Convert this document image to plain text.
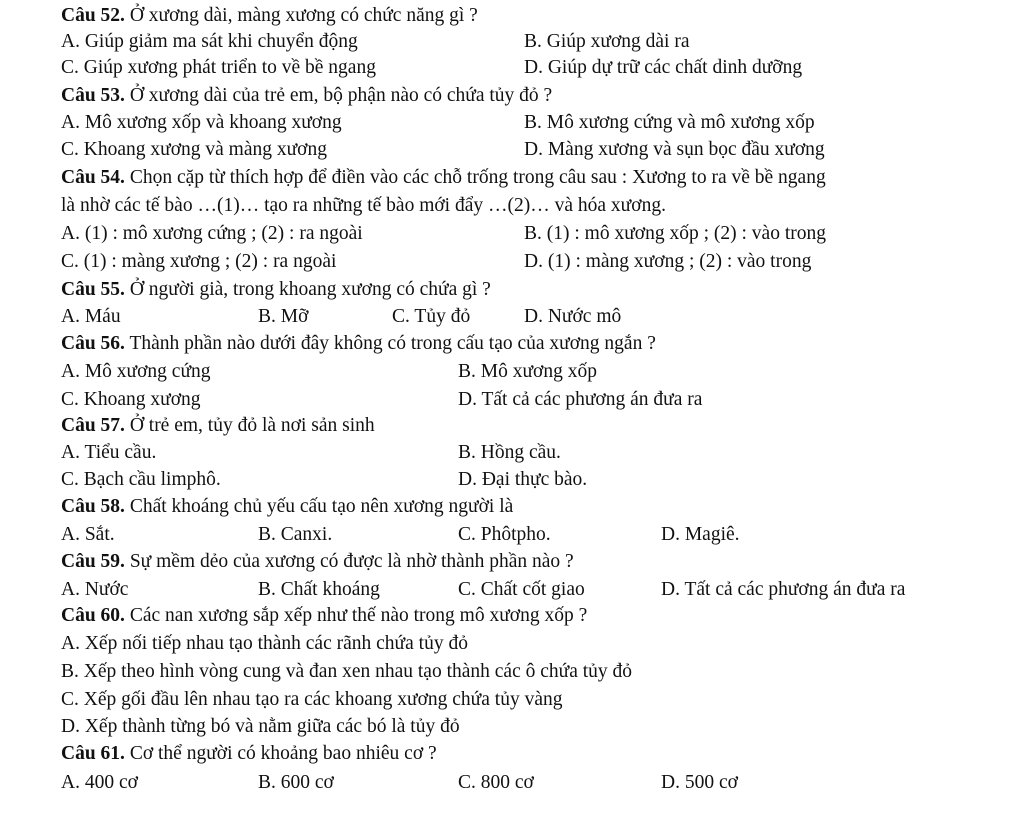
Câu 52. Ở xương dài, màng xương có chức năng gì ?
A. Giúp giảm ma sát khi chuyển động	B. Giúp xương dài ra
C. Giúp xương phát triển to về bề ngang	D. Giúp dự trữ các chất dinh dưỡng
Câu 53. Ở xương dài của trẻ em, bộ phận nào có chứa tủy đỏ ?
A. Mô xương xốp và khoang xương	B. Mô xương cứng và mô xương xốp
C. Khoang xương và màng xương	D. Màng xương và sụn bọc đầu xương
Câu 54. Chọn cặp từ thích hợp để điền vào các chỗ trống trong câu sau : Xương to ra về bề ngang
là nhờ các tế bào …(1)… tạo ra những tế bào mới đẩy …(2)… và hóa xương.
A. (1) : mô xương cứng ; (2) : ra ngoài	B. (1) : mô xương xốp ; (2) : vào trong
C. (1) : màng xương ; (2) : ra ngoài	D. (1) : màng xương ; (2) : vào trong
Câu 55. Ở người già, trong khoang xương có chứa gì ?
A. Máu	B. Mỡ	C. Tủy đỏ	D. Nước mô
Câu 56. Thành phần nào dưới đây không có trong cấu tạo của xương ngắn ?
A. Mô xương cứng	B. Mô xương xốp
C. Khoang xương	D. Tất cả các phương án đưa ra
Câu 57. Ở trẻ em, tủy đỏ là nơi sản sinh
A. Tiểu cầu.	B. Hồng cầu.
C. Bạch cầu limphô.	D. Đại thực bào.
Câu 58. Chất khoáng chủ yếu cấu tạo nên xương người là
A. Sắt.	B. Canxi.	C. Phôtpho.	D. Magiê.
Câu 59. Sự mềm dẻo của xương có được là nhờ thành phần nào ?
A. Nước	B. Chất khoáng	C. Chất cốt giao	D. Tất cả các phương án đưa ra
Câu 60. Các nan xương sắp xếp như thế nào trong mô xương xốp ?
A. Xếp nối tiếp nhau tạo thành các rãnh chứa tủy đỏ
B. Xếp theo hình vòng cung và đan xen nhau tạo thành các ô chứa tủy đỏ
C. Xếp gối đầu lên nhau tạo ra các khoang xương chứa tủy vàng
D. Xếp thành từng bó và nằm giữa các bó là tủy đỏ
Câu 61. Cơ thể người có khoảng bao nhiêu cơ ?
A. 400 cơ	B. 600 cơ	C. 800 cơ	D. 500 cơ
